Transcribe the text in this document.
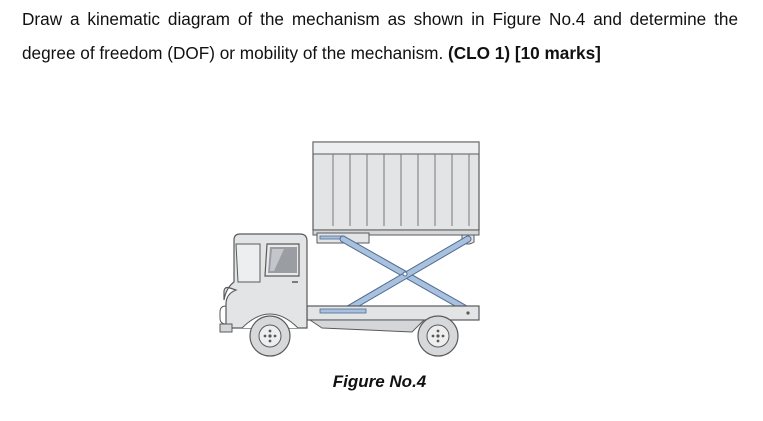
Draw a kinematic diagram of the mechanism as shown in Figure No.4 and determine the degree of freedom (DOF) or mobility of the mechanism. (CLO 1) [10 marks]
Figure No.4
